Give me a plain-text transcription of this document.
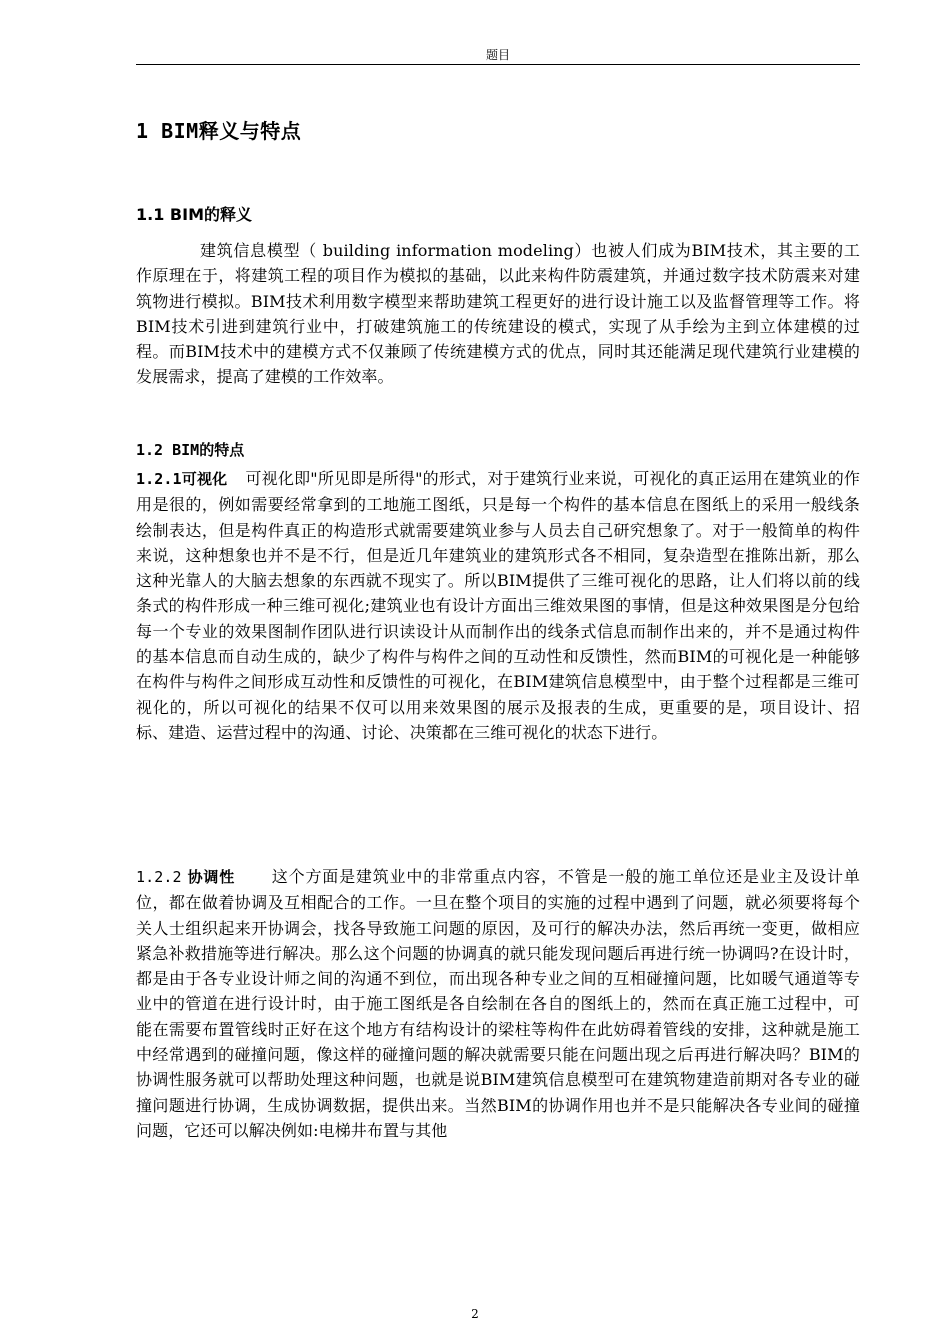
题目
1 BIM释义与特点
1.1 BIM的释义
建筑信息模型（ building information modeling）也被人们成为BIM技术，其主要的工作原理在于，将建筑工程的项目作为模拟的基础，以此来构件防震建筑，并通过数字技术防震来对建筑物进行模拟。BIM技术利用数字模型来帮助建筑工程更好的进行设计施工以及监督管理等工作。将BIM技术引进到建筑行业中，打破建筑施工的传统建设的模式，实现了从手绘为主到立体建模的过程。而BIM技术中的建模方式不仅兼顾了传统建模方式的优点，同时其还能满足现代建筑行业建模的发展需求，提高了建模的工作效率。
1.2 BIM的特点
1.2.1可视化 可视化即"所见即是所得"的形式，对于建筑行业来说，可视化的真正运用在建筑业的作用是很的，例如需要经常拿到的工地施工图纸，只是每一个构件的基本信息在图纸上的采用一般线条绘制表达，但是构件真正的构造形式就需要建筑业参与人员去自己研究想象了。对于一般简单的构件来说，这种想象也并不是不行，但是近几年建筑业的建筑形式各不相同，复杂造型在推陈出新，那么这种光靠人的大脑去想象的东西就不现实了。所以BIM提供了三维可视化的思路，让人们将以前的线条式的构件形成一种三维可视化;建筑业也有设计方面出三维效果图的事情，但是这种效果图是分包给每一个专业的效果图制作团队进行识读设计从而制作出的线条式信息而制作出来的，并不是通过构件的基本信息而自动生成的，缺少了构件与构件之间的互动性和反馈性，然而BIM的可视化是一种能够在构件与构件之间形成互动性和反馈性的可视化，在BIM建筑信息模型中，由于整个过程都是三维可视化的，所以可视化的结果不仅可以用来效果图的展示及报表的生成，更重要的是，项目设计、招标、建造、运营过程中的沟通、讨论、决策都在三维可视化的状态下进行。
1.2.2 协调性 这个方面是建筑业中的非常重点内容，不管是一般的施工单位还是业主及设计单位，都在做着协调及互相配合的工作。一旦在整个项目的实施的过程中遇到了问题，就必须要将每个关人士组织起来开协调会，找各导致施工问题的原因，及可行的解决办法，然后再统一变更，做相应紧急补救措施等进行解决。那么这个问题的协调真的就只能发现问题后再进行统一协调吗?在设计时，都是由于各专业设计师之间的沟通不到位，而出现各种专业之间的互相碰撞问题，比如暖气通道等专业中的管道在进行设计时，由于施工图纸是各自绘制在各自的图纸上的，然而在真正施工过程中，可能在需要布置管线时正好在这个地方有结构设计的梁柱等构件在此妨碍着管线的安排，这种就是施工中经常遇到的碰撞问题，像这样的碰撞问题的解决就需要只能在问题出现之后再进行解决吗？BIM的协调性服务就可以帮助处理这种问题，也就是说BIM建筑信息模型可在建筑物建造前期对各专业的碰撞问题进行协调，生成协调数据，提供出来。当然BIM的协调作用也并不是只能解决各专业间的碰撞问题，它还可以解决例如:电梯井布置与其他
2
